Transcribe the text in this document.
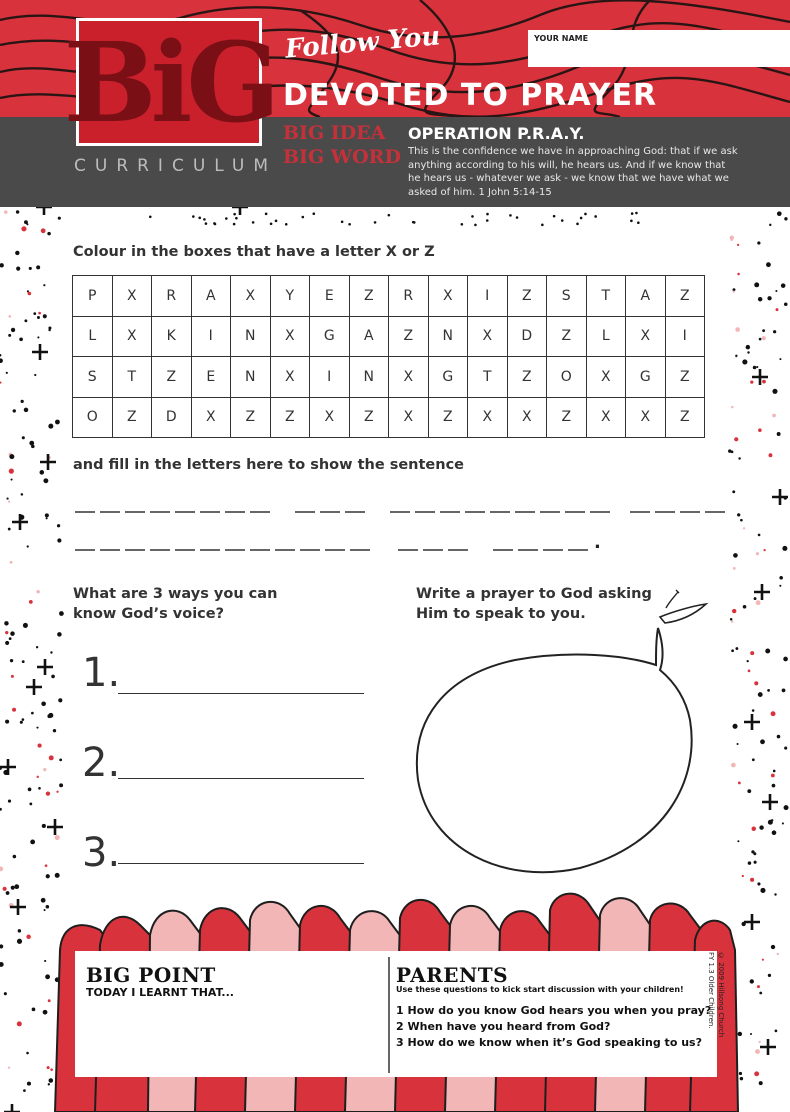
BiG
CURRICULUM
Follow You
DEVOTED TO PRAYER
BIG IDEA
BIG WORD
OPERATION P.R.A.Y.
This is the confidence we have in approaching God: that if we ask anything according to his will, he hears us. And if we know that he hears us - whatever we ask - we know that we have what we asked of him. 1 John 5:14-15
YOUR NAME
Colour in the boxes that have a letter X or Z
P	X	R	A	X	Y	E	Z	R	X	I	Z	S	T	A	Z
L	X	K	I	N	X	G	A	Z	N	X	D	Z	L	X	I
S	T	Z	E	N	X	I	N	X	G	T	Z	O	X	G	Z
O	Z	D	X	Z	Z	X	Z	X	Z	X	X	Z	X	X	Z
and fill in the letters here to show the sentence
.
What are 3 ways you can
know God’s voice?
1.
2.
3.
Write a prayer to God asking
Him to speak to you.
BIG POINT
TODAY I LEARNT THAT...
PARENTS
Use these questions to kick start discussion with your children!
1 How do you know God hears you when you pray?
2 When have you heard from God?
3 How do we know when it’s God speaking to us?
© 2009 Hillsong Church
FY 1.3 Older Children.
